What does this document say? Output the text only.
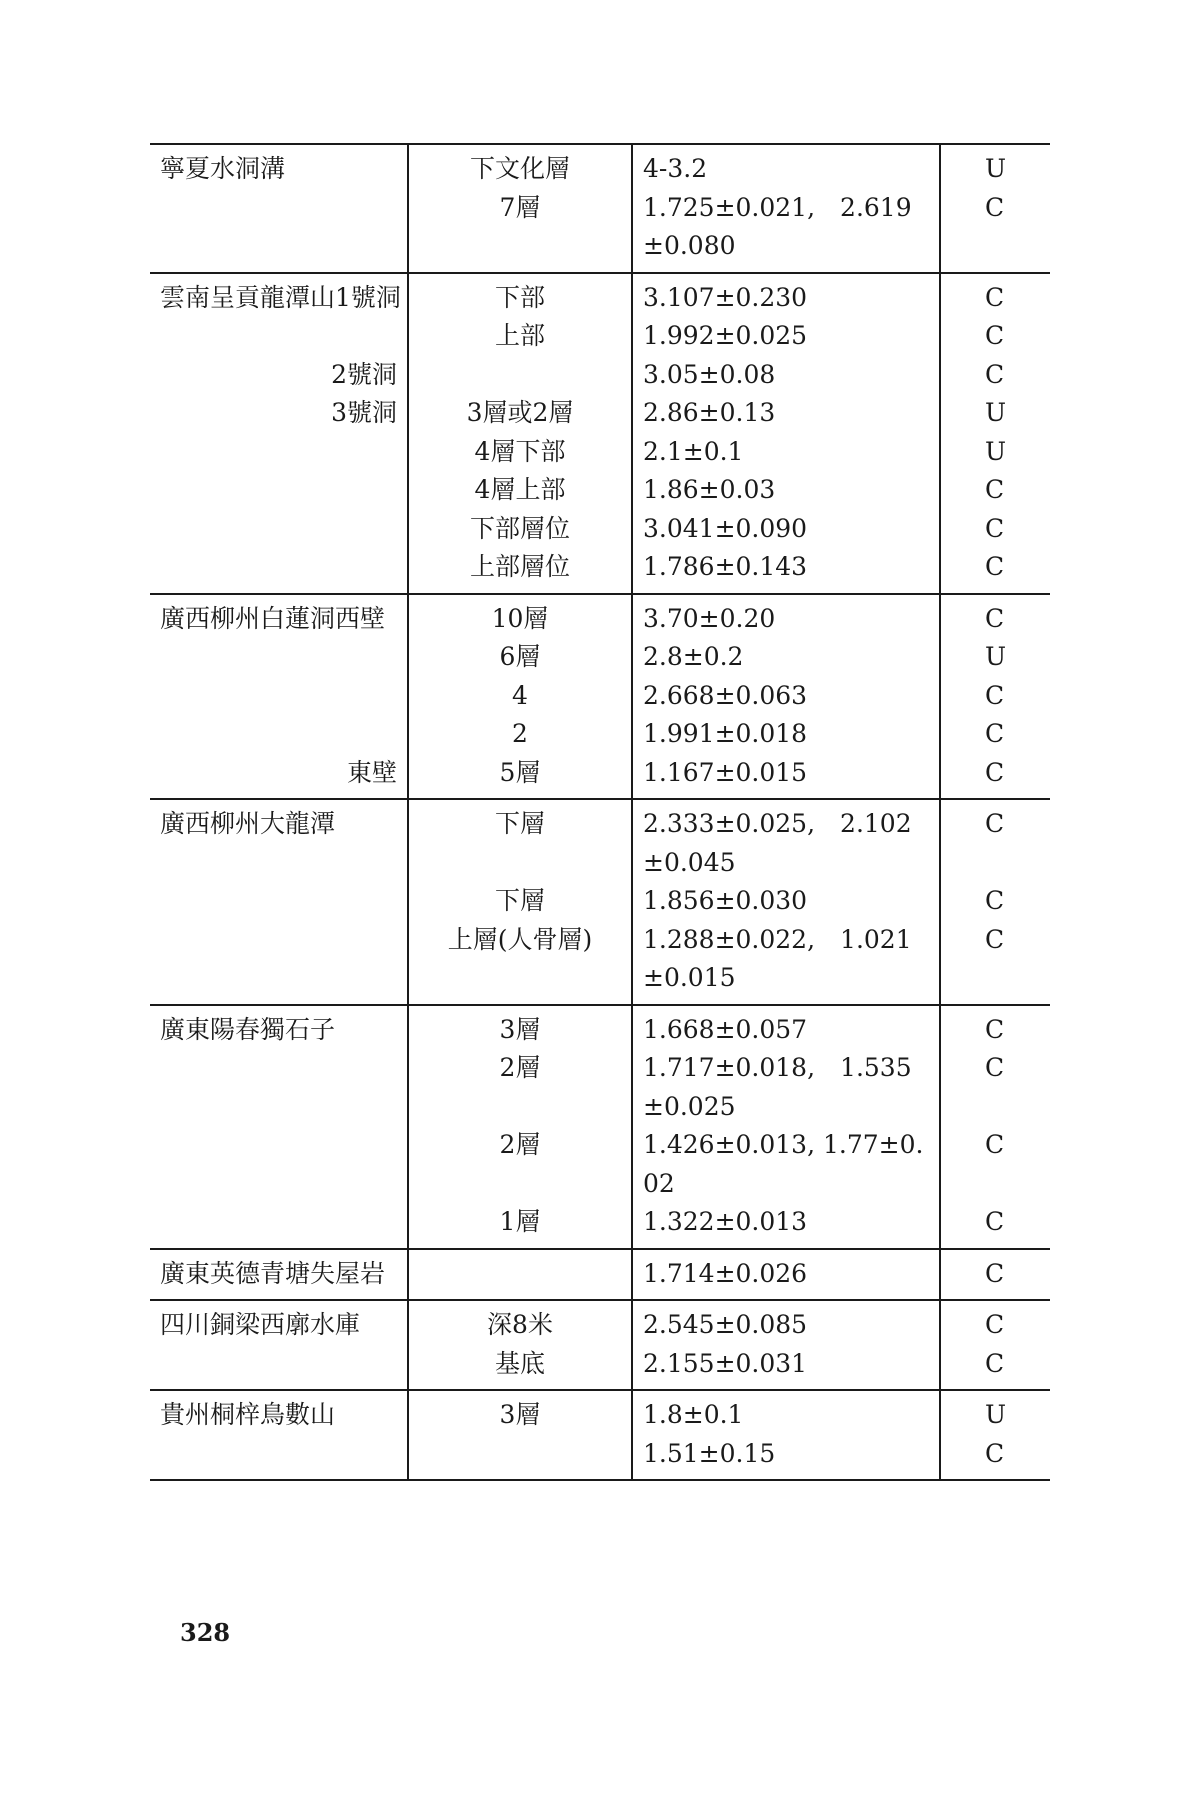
寧夏水洞溝	下文化層	4-3.2	U
	7層	1.725±0.021,　2.619±0.080	C
雲南呈貢龍潭山1號洞	下部	3.107±0.230	C
	上部	1.992±0.025	C
2號洞		3.05±0.08	C
3號洞	3層或2層	2.86±0.13	U
	4層下部	2.1±0.1	U
	4層上部	1.86±0.03	C
	下部層位	3.041±0.090	C
	上部層位	1.786±0.143	C
廣西柳州白蓮洞西壁	10層	3.70±0.20	C
	6層	2.8±0.2	U
	4	2.668±0.063	C
	2	1.991±0.018	C
東壁	5層	1.167±0.015	C
廣西柳州大龍潭	下層	2.333±0.025,　2.102±0.045	C
	下層	1.856±0.030	C
	上層(人骨層)	1.288±0.022,　1.021±0.015	C
廣東陽春獨石子	3層	1.668±0.057	C
	2層	1.717±0.018,　1.535±0.025	C
	2層	1.426±0.013, 1.77±0.02	C
	1層	1.322±0.013	C
廣東英德青塘失屋岩		1.714±0.026	C
四川銅梁西廓水庫	深8米	2.545±0.085	C
	基底	2.155±0.031	C
貴州桐梓鳥數山	3層	1.8±0.1	U
		1.51±0.15	C
328
